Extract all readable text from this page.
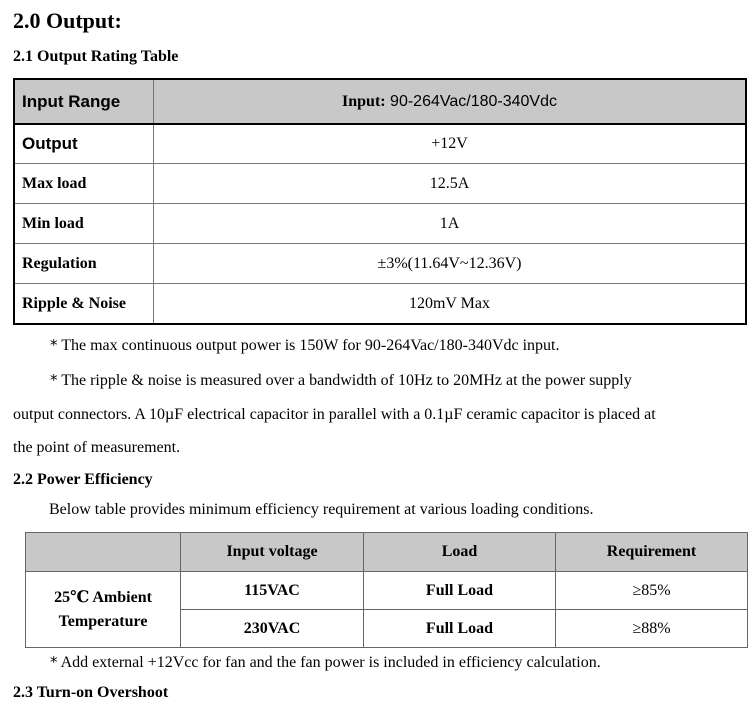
2.0 Output:
2.1 Output Rating Table
Input Range	Input: 90-264Vac/180-340Vdc
Output	+12V
Max load	12.5A
Min load	1A
Regulation	±3%(11.64V~12.36V)
Ripple & Noise	120mV Max

* The max continuous output power is 150W for 90-264Vac/180-340Vdc input.

* The ripple & noise is measured over a bandwidth of 10Hz to 20MHz at the power supply

output connectors. A 10µF electrical capacitor in parallel with a 0.1µF ceramic capacitor is placed at

the point of measurement.

2.2 Power Efficiency

Below table provides minimum efficiency requirement at various loading conditions.

	Input voltage	Load	Requirement

25℃ Ambient
Temperature	115VAC	Full Load	≥85%
	230VAC	Full Load	≥88%

* Add external +12Vcc for fan and the fan power is included in efficiency calculation.

2.3 Turn-on Overshoot
